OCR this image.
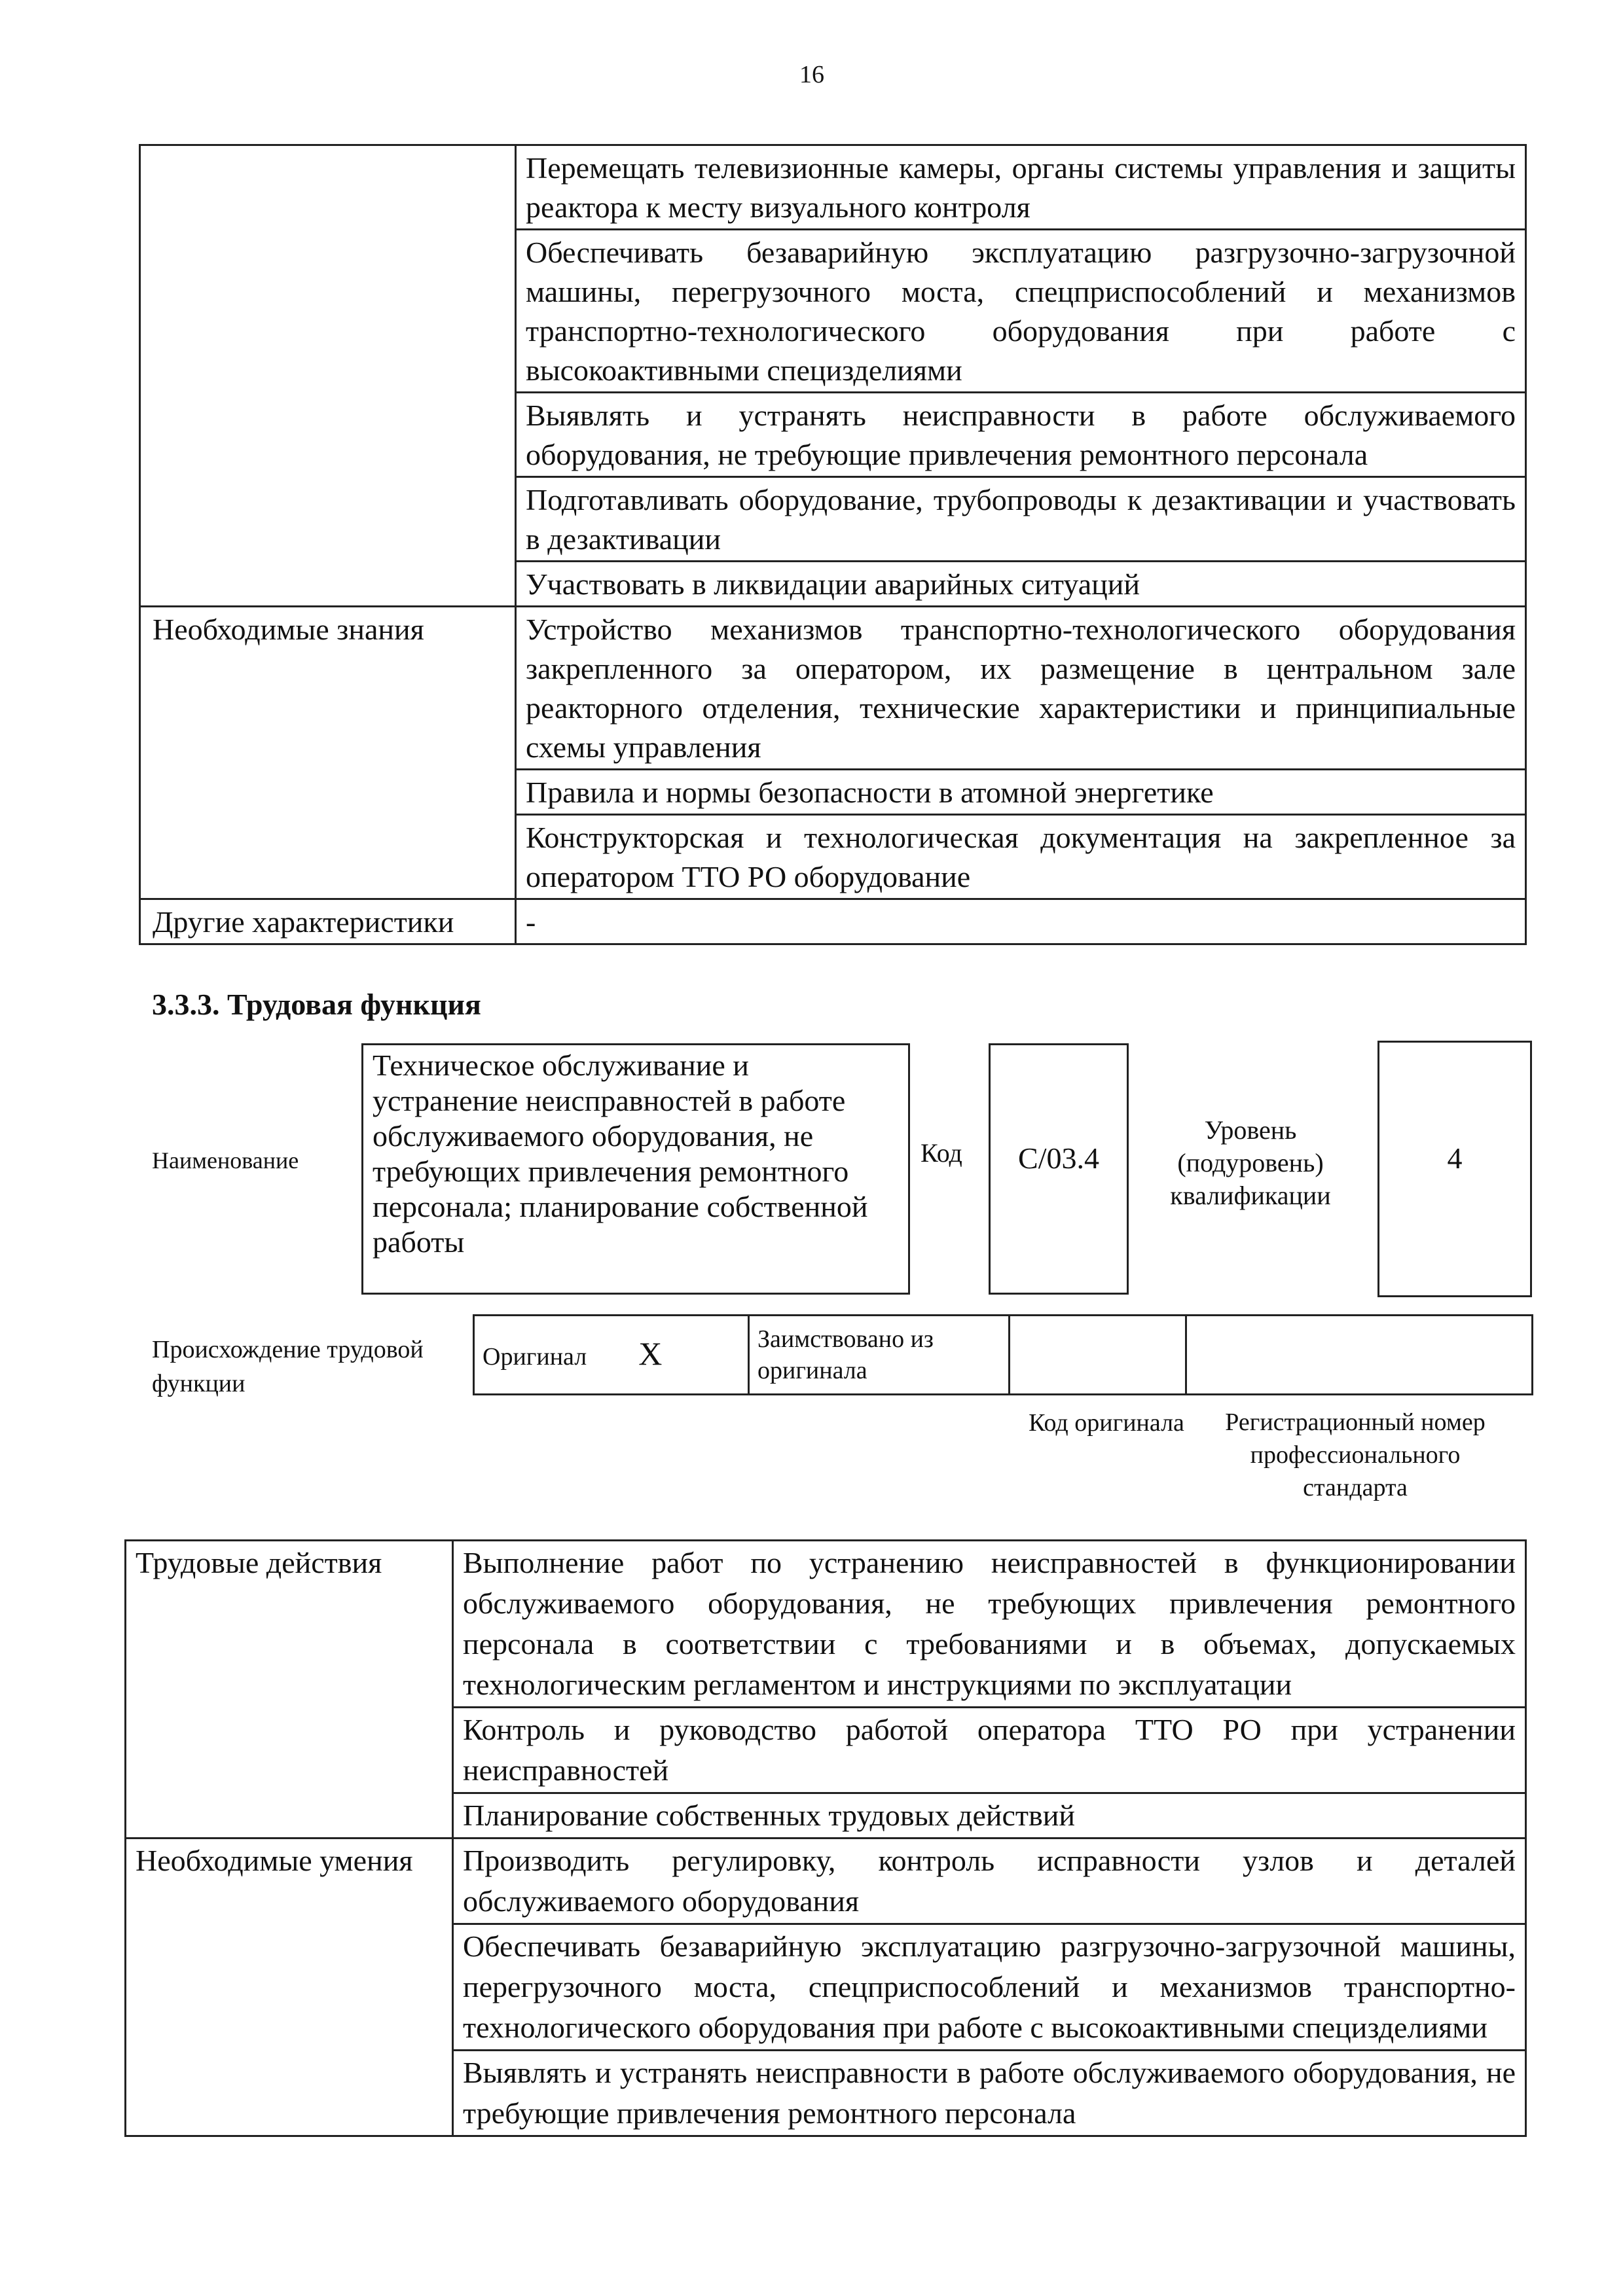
16
	Перемещать телевизионные камеры, органы системы управления и защиты реактора к месту визуального контроля
	Обеспечивать безаварийную эксплуатацию разгрузочно-загрузочной машины, перегрузочного моста, спецприспособлений и механизмов транспортно-технологического оборудования при работе с высокоактивными специзделиями
	Выявлять и устранять неисправности в работе обслуживаемого оборудования, не требующие привлечения ремонтного персонала
	Подготавливать оборудование, трубопроводы к дезактивации и участвовать в дезактивации
	Участвовать в ликвидации аварийных ситуаций
Необходимые знания	Устройство механизмов транспортно-технологического оборудования закрепленного за оператором, их размещение в центральном зале реакторного отделения, технические характеристики и принципиальные схемы управления
	Правила и нормы безопасности в атомной энергетике
	Конструкторская и технологическая документация на закрепленное за оператором ТТО РО оборудование
Другие характеристики	-
3.3.3. Трудовая функция
Наименование
Техническое обслуживание и устранение неисправностей в работе обслуживаемого оборудования, не требующих привлечения ремонтного персонала; планирование собственной работы
Код	C/03.4
Уровень (подуровень) квалификации
4
Происхождение трудовой функции
Оригинал X	Заимствовано из оригинала		
Код оригинала	Регистрационный номер профессионального стандарта
Трудовые действия	Выполнение работ по устранению неисправностей в функционировании обслуживаемого оборудования, не требующих привлечения ремонтного персонала в соответствии с требованиями и в объемах, допускаемых технологическим регламентом и инструкциями по эксплуатации
	Контроль и руководство работой оператора ТТО РО при устранении неисправностей
	Планирование собственных трудовых действий
Необходимые умения	Производить регулировку, контроль исправности узлов и деталей обслуживаемого оборудования
	Обеспечивать безаварийную эксплуатацию разгрузочно-загрузочной машины, перегрузочного моста, спецприспособлений и механизмов транспортно-технологического оборудования при работе с высокоактивными специзделиями
	Выявлять и устранять неисправности в работе обслуживаемого оборудования, не требующие привлечения ремонтного персонала
